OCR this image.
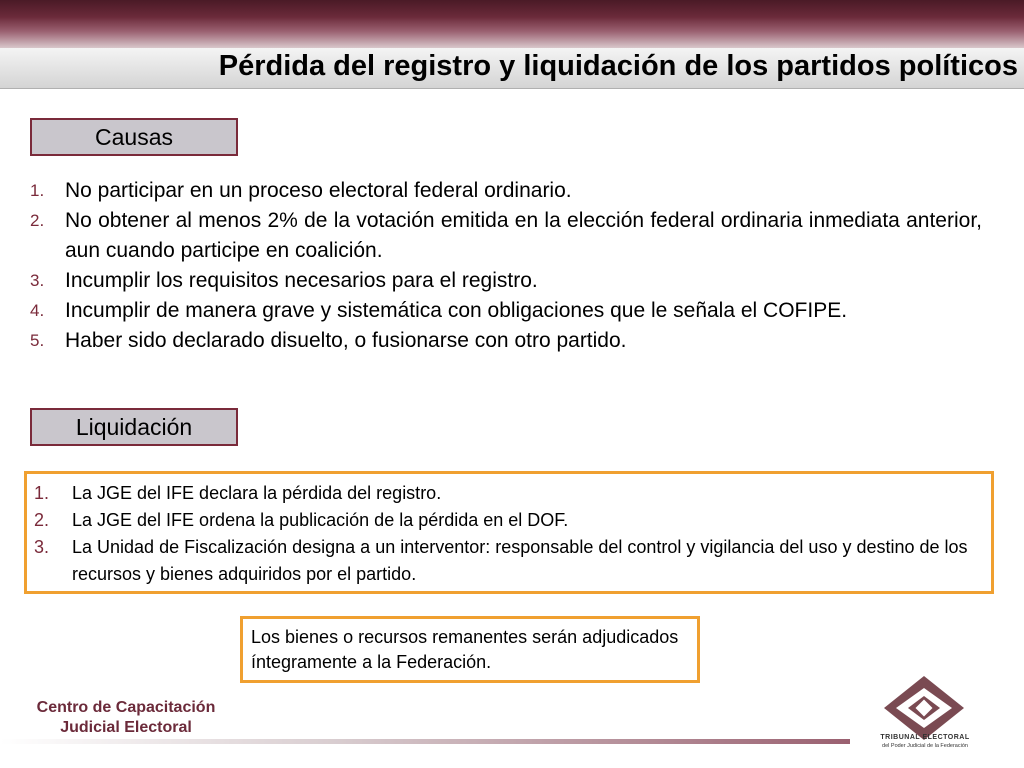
Pérdida del registro y liquidación de los partidos políticos
Causas
1. No participar en un proceso electoral federal ordinario.
2. No obtener al menos 2% de la votación emitida en la elección federal ordinaria inmediata anterior, aun cuando participe en coalición.
3. Incumplir los requisitos necesarios para el registro.
4. Incumplir de manera grave y sistemática con obligaciones que le señala el COFIPE.
5. Haber sido declarado disuelto, o fusionarse con otro partido.
Liquidación
1. La JGE del IFE declara la pérdida del registro.
2. La JGE del IFE ordena la publicación de la pérdida en el DOF.
3. La Unidad de Fiscalización designa a un interventor: responsable del control y vigilancia del uso y destino de los recursos y bienes adquiridos por el partido.
Los bienes o recursos remanentes serán adjudicados íntegramente a la Federación.
Centro de Capacitación
Judicial Electoral
TRIBUNAL ELECTORAL
del Poder Judicial de la Federación
